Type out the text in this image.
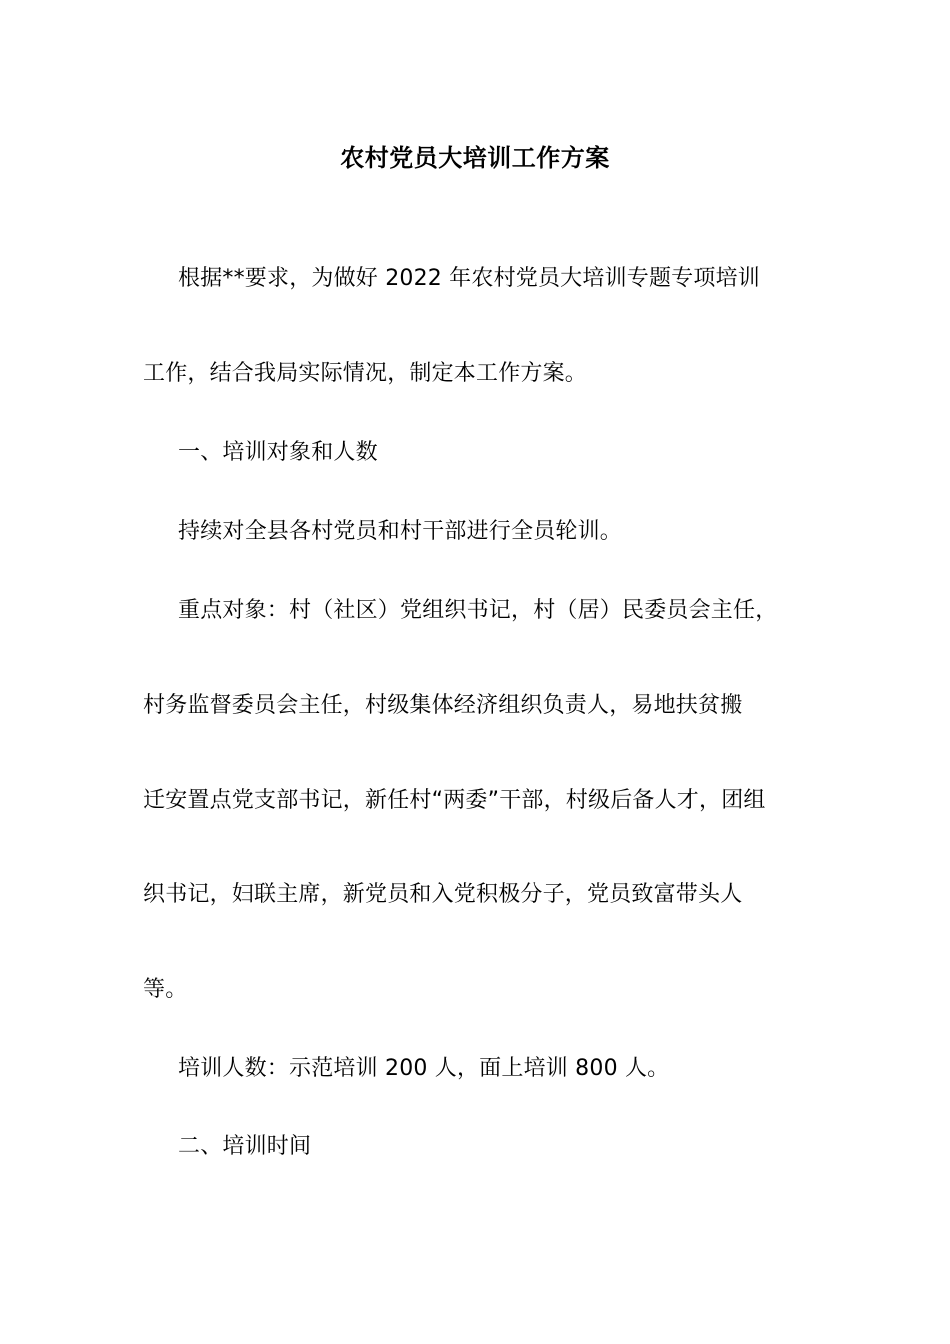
农村党员大培训工作方案
根据**要求，为做好 2022 年农村党员大培训专题专项培训
工作，结合我局实际情况，制定本工作方案。
一、培训对象和人数
持续对全县各村党员和村干部进行全员轮训。
重点对象：村（社区）党组织书记，村（居）民委员会主任，
村务监督委员会主任，村级集体经济组织负责人，易地扶贫搬
迁安置点党支部书记，新任村“两委”干部，村级后备人才，团组
织书记，妇联主席，新党员和入党积极分子，党员致富带头人
等。
培训人数：示范培训 200 人，面上培训 800 人。
二、培训时间
